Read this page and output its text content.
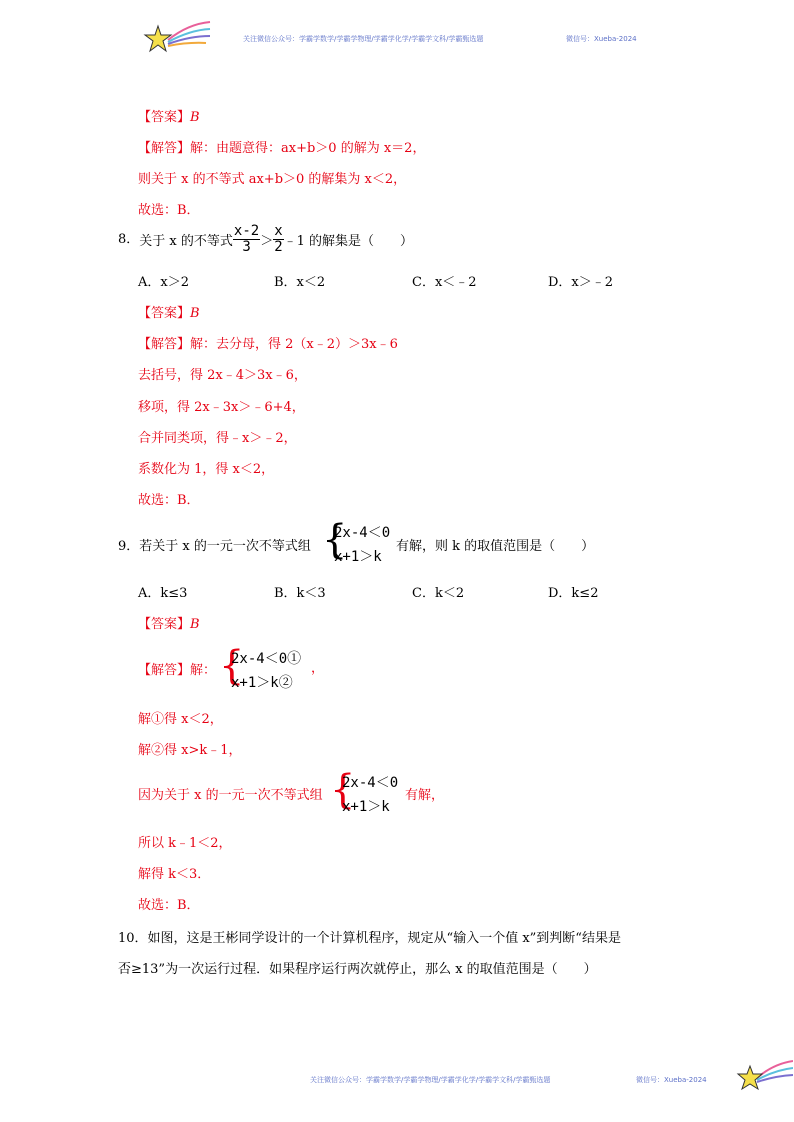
关注微信公众号：学霸学数学/学霸学物理/学霸学化学/学霸学文科/学霸甄选题	微信号：Xueba-2024
【答案】B
【解答】解：由题意得：ax+b＞0 的解为 x＝2，
则关于 x 的不等式 ax+b＞0 的解集为 x＜2，
故选：B．
8．关于 x 的不等式 $\frac{x-2}{3} > \frac{x}{2}$ ﹣1 的解集是（　　）
A．x＞2	B．x＜2	C．x＜﹣2	D．x＞﹣2
【答案】B
【解答】解：去分母，得 2（x﹣2）＞3x﹣6
去括号，得 2x﹣4＞3x﹣6，
移项，得 2x﹣3x＞﹣6+4，
合并同类项，得﹣x＞﹣2，
系数化为 1，得 x＜2，
故选：B．
9．若关于 x 的一元一次不等式组 {
2x-4＜0
x+1＞k
有解，则 k 的取值范围是（　　）
A．k≤3	B．k＜3	C．k＜2	D．k≤2
【答案】B
【解答】解： {
2x-4＜0①
x+1＞k②
，
解①得 x＜2，
解②得 x>k﹣1，
因为关于 x 的一元一次不等式组 {
2x-4＜0
x+1＞k
有解，
所以 k﹣1＜2，
解得 k＜3．
故选：B．
10．如图，这是王彬同学设计的一个计算机程序，规定从“输入一个值 x”到判断“结果是
否≥13”为一次运行过程．如果程序运行两次就停止，那么 x 的取值范围是（　　）
关注微信公众号：学霸学数学/学霸学物理/学霸学化学/学霸学文科/学霸甄选题	微信号：Xueba-2024
